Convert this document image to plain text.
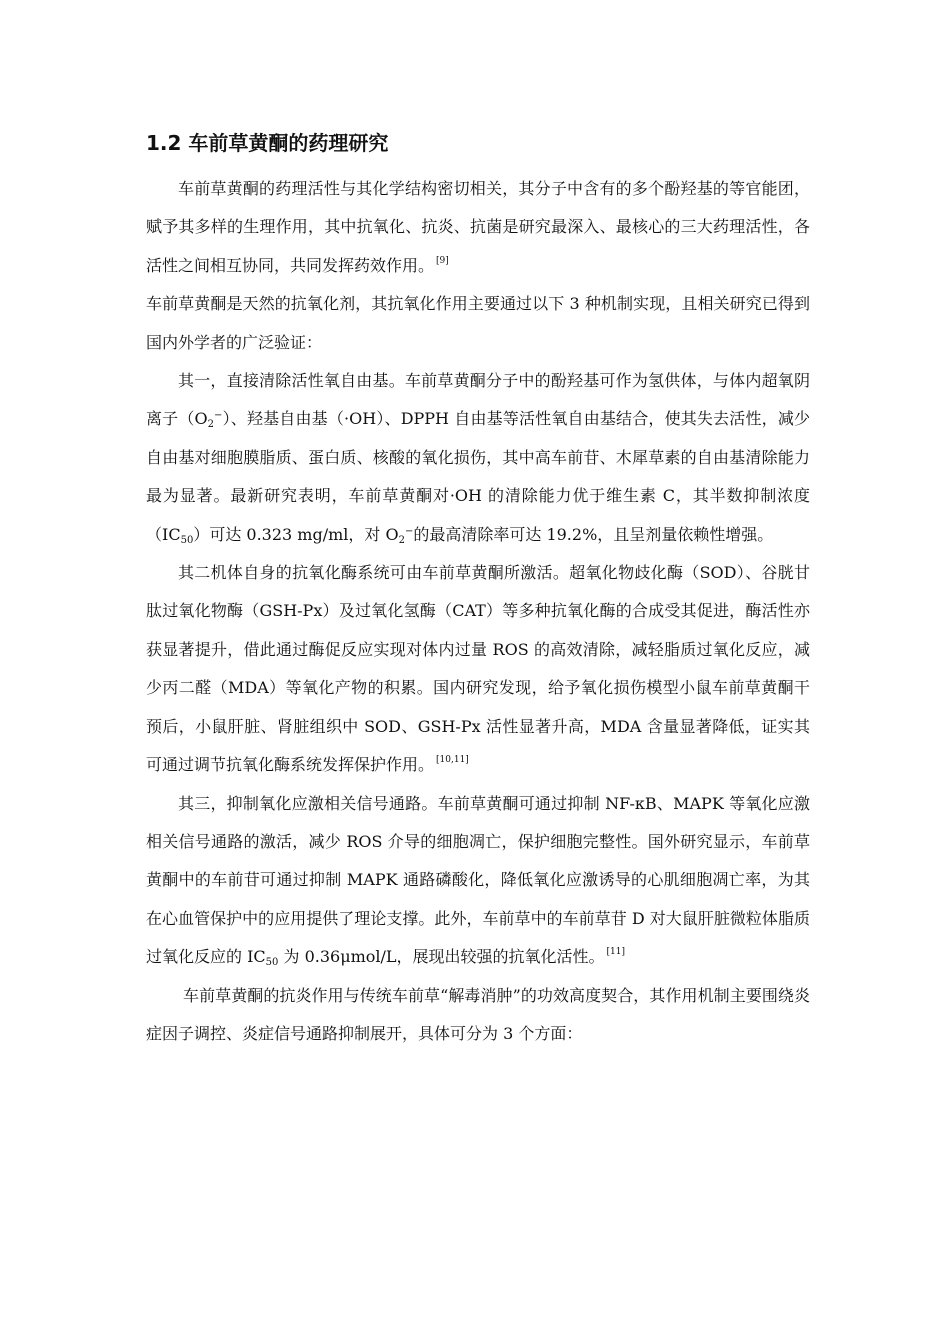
1.2 车前草黄酮的药理研究

车前草黄酮的药理活性与其化学结构密切相关，其分子中含有的多个酚羟基的等官能团，赋予其多样的生理作用，其中抗氧化、抗炎、抗菌是研究最深入、最核心的三大药理活性，各活性之间相互协同，共同发挥药效作用。 [9]

车前草黄酮是天然的抗氧化剂，其抗氧化作用主要通过以下 3 种机制实现，且相关研究已得到国内外学者的广泛验证：

其一，直接清除活性氧自由基。车前草黄酮分子中的酚羟基可作为氢供体，与体内超氧阴离子$(O_2^-)$、羟基自由基（·OH）、DPPH 自由基等活性氧自由基结合，使其失去活性，减少自由基对细胞膜脂质、蛋白质、核酸的氧化损伤，其中高车前苷、木犀草素的自由基清除能力最为显著。最新研究表明，车前草黄酮对·OH 的清除能力优于维生素 C，其半数抑制浓度$(IC_{50})$可达 0.323 mg/ml，对 $O_2^-$的最高清除率可达 19.2%，且呈剂量依赖性增强。

其二机体自身的抗氧化酶系统可由车前草黄酮所激活。超氧化物歧化酶（SOD）、谷胱甘肽过氧化物酶（GSH-Px）及过氧化氢酶（CAT）等多种抗氧化酶的合成受其促进，酶活性亦获显著提升，借此通过酶促反应实现对体内过量 ROS 的高效清除，减轻脂质过氧化反应，减少丙二醛（MDA）等氧化产物的积累。国内研究发现，给予氧化损伤模型小鼠车前草黄酮干预后，小鼠肝脏、肾脏组织中 SOD、GSH-Px 活性显著升高，MDA 含量显著降低，证实其可通过调节抗氧化酶系统发挥保护作用。 [10,11]

其三，抑制氧化应激相关信号通路。车前草黄酮可通过抑制 NF-κB、MAPK 等氧化应激相关信号通路的激活，减少 ROS 介导的细胞凋亡，保护细胞完整性。国外研究显示，车前草黄酮中的车前苷可通过抑制 MAPK 通路磷酸化，降低氧化应激诱导的心肌细胞凋亡率，为其在心血管保护中的应用提供了理论支撑。此外，车前草中的车前草苷 D 对大鼠肝脏微粒体脂质过氧化反应的 $IC_{50}$ 为 0.36μmol/L，展现出较强的抗氧化活性。 [11]

车前草黄酮的抗炎作用与传统车前草“解毒消肿”的功效高度契合，其作用机制主要围绕炎症因子调控、炎症信号通路抑制展开，具体可分为 3 个方面：
